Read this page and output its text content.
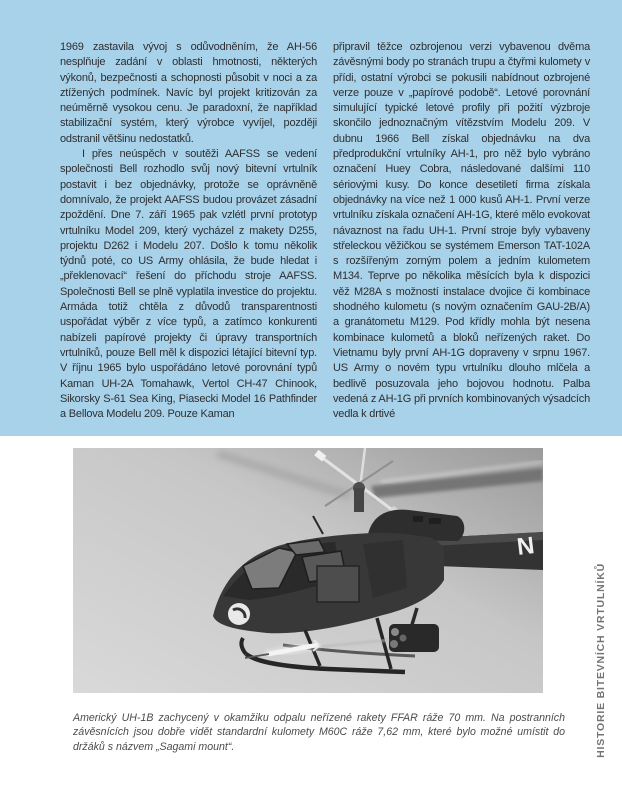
1969 zastavila vývoj s odůvodněním, že AH-56 nesplňuje zadání v oblasti hmotnosti, některých výkonů, bezpečnosti a schopnosti působit v noci a za ztížených podmínek. Navíc byl projekt kritizován za neúměrně vysokou cenu. Je paradoxní, že například stabilizační systém, který výrobce vyvíjel, později odstranil většinu nedostatků.

I přes neúspěch v soutěži AAFSS se vedení společnosti Bell rozhodlo svůj nový bitevní vrtulník postavit i bez objednávky, protože se oprávněně domnívalo, že projekt AAFSS budou provázet zásadní zpoždění. Dne 7. září 1965 pak vzlétl první prototyp vrtulníku Model 209, který vycházel z makety D255, projektu D262 i Modelu 207. Došlo k tomu několik týdnů poté, co US Army ohlásila, že bude hledat i „překlenovací“ řešení do příchodu stroje AAFSS. Společnosti Bell se plně vyplatila investice do projektu. Armáda totiž chtěla z důvodů transparentnosti uspořádat výběr z více typů, a zatímco konkurenti nabízeli papírové projekty či úpravy transportních vrtulníků, pouze Bell měl k dispozici létající bitevní typ. V říjnu 1965 bylo uspořádáno letové porovnání typů Kaman UH-2A Tomahawk, Vertol CH-47 Chinook, Sikorsky S-61 Sea King, Piasecki Model 16 Pathfinder a Bellova Modelu 209. Pouze Kaman

připravil těžce ozbrojenou verzi vybavenou dvěma závěsnými body po stranách trupu a čtyřmi kulomety v přídi, ostatní výrobci se pokusili nabídnout ozbrojené verze pouze v „papírové podobě“. Letové porovnání simulující typické letové profily při požití výzbroje skončilo jednoznačným vítězstvím Modelu 209. V dubnu 1966 Bell získal objednávku na dva předprodukční vrtulníky AH-1, pro něž bylo vybráno označení Huey Cobra, následované dalšími 110 sériovými kusy. Do konce desetiletí firma získala objednávky na více než 1 000 kusů AH-1. První verze vrtulníku získala označení AH-1G, které mělo evokovat návaznost na řadu UH-1. První stroje byly vybaveny střeleckou věžičkou se systémem Emerson TAT-102A s rozšířeným zorným polem a jedním kulometem M134. Teprve po několika měsících byla k dispozici věž M28A s možností instalace dvojice či kombinace shodného kulometu (s novým označením GAU-2B/A) a granátometu M129. Pod křídly mohla být nesena kombinace kulometů a bloků neřízených raket. Do Vietnamu byly první AH-1G dopraveny v srpnu 1967. US Army o novém typu vrtulníku dlouho mlčela a bedlivě posuzovala jeho bojovou hodnotu. Palba vedená z AH-1G při prvních kombinovaných výsadcích vedla k drtivé

N

Americký UH-1B zachycený v okamžiku odpalu neřízené rakety FFAR ráže 70 mm. Na postranních závěsnících jsou dobře vidět standardní kulomety M60C ráže 7,62 mm, které bylo možné umístit do držáků s názvem „Sagami mount“.	HISTORIE BITEVNÍCH VRTULNÍKŮ
